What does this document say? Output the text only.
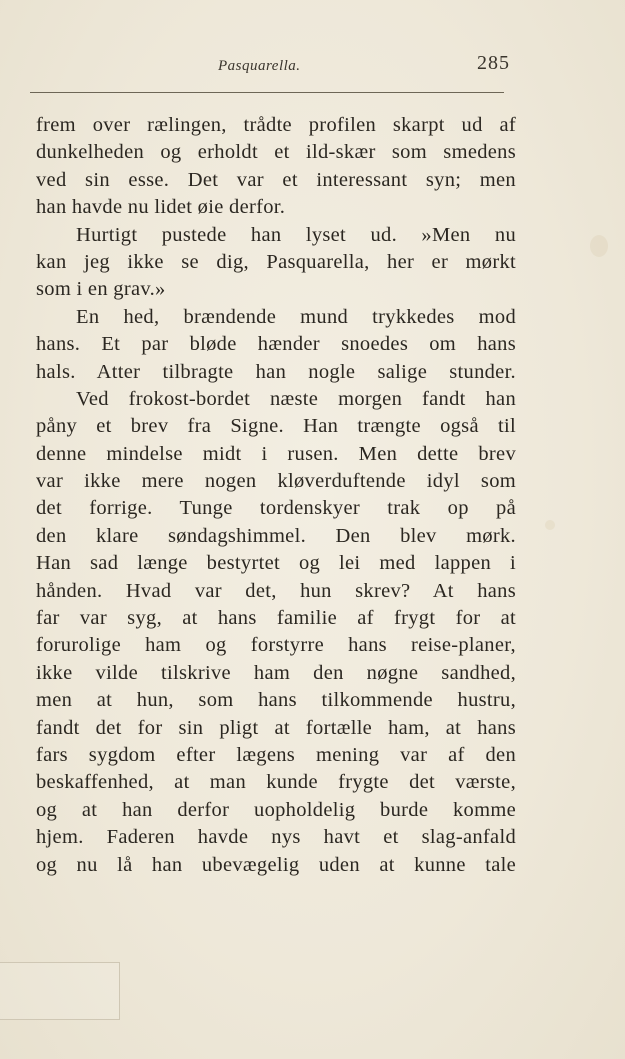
Pasquarella.	285
frem over rælingen, trådte profilen skarpt ud af
dunkelheden og erholdt et ild-skær som smedens
ved sin esse. Det var et interessant syn; men
han havde nu lidet øie derfor.
Hurtigt pustede han lyset ud. »Men nu
kan jeg ikke se dig, Pasquarella, her er mørkt
som i en grav.»
En hed, brændende mund trykkedes mod
hans. Et par bløde hænder snoedes om hans
hals. Atter tilbragte han nogle salige stunder.
Ved frokost-bordet næste morgen fandt han
påny et brev fra Signe. Han trængte også til
denne mindelse midt i rusen. Men dette brev
var ikke mere nogen kløverduftende idyl som
det forrige. Tunge tordenskyer trak op på
den klare søndagshimmel. Den blev mørk.
Han sad længe bestyrtet og lei med lappen i
hånden. Hvad var det, hun skrev? At hans
far var syg, at hans familie af frygt for at
forurolige ham og forstyrre hans reise-planer,
ikke vilde tilskrive ham den nøgne sandhed,
men at hun, som hans tilkommende hustru,
fandt det for sin pligt at fortælle ham, at hans
fars sygdom efter lægens mening var af den
beskaffenhed, at man kunde frygte det værste,
og at han derfor uopholdelig burde komme
hjem. Faderen havde nys havt et slag-anfald
og nu lå han ubevægelig uden at kunne tale
